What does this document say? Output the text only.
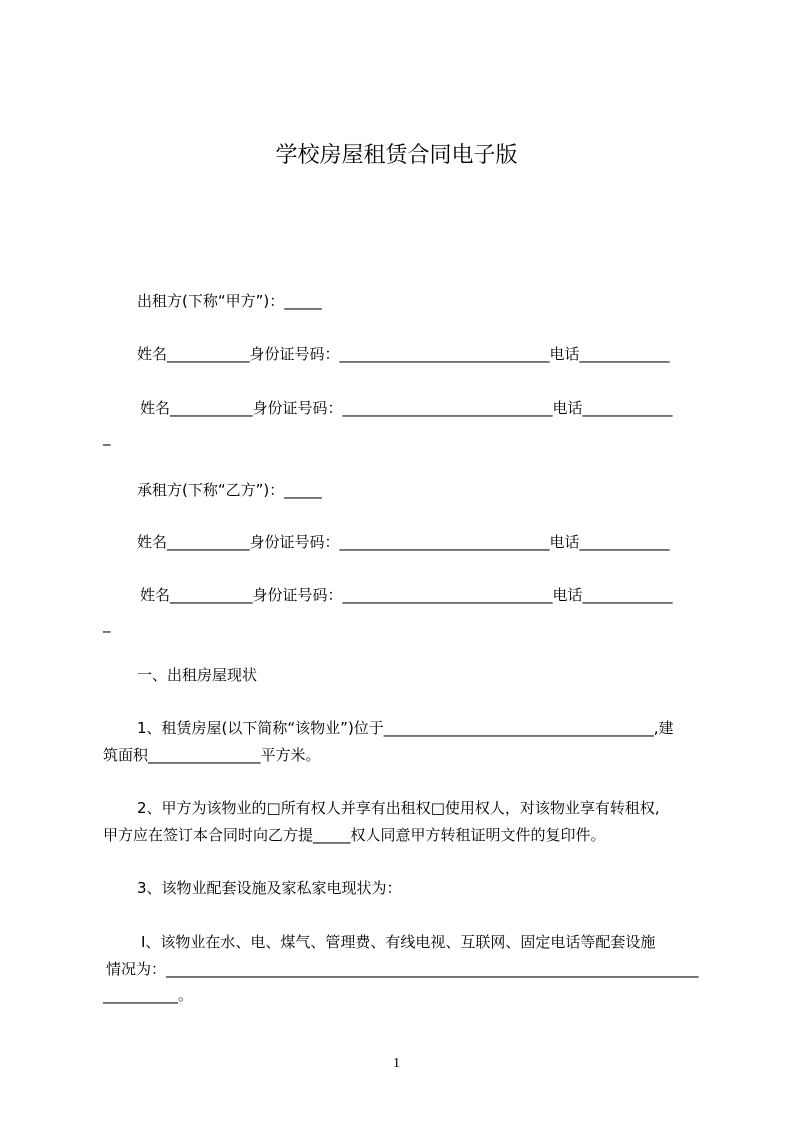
学校房屋租赁合同电子版
出租方(下称“甲方”)：_____
姓名___________身份证号码：____________________________电话____________
姓名___________身份证号码：____________________________电话____________
_
承租方(下称“乙方”)：_____
姓名___________身份证号码：____________________________电话____________
姓名___________身份证号码：____________________________电话____________
_
一、出租房屋现状
1、租赁房屋(以下简称“该物业”)位于____________________________________,建
筑面积_______________平方米。
2、甲方为该物业的□所有权人并享有出租权□使用权人，对该物业享有转租权,
甲方应在签订本合同时向乙方提_____权人同意甲方转租证明文件的复印件。
3、该物业配套设施及家私家电现状为：
Ⅰ、该物业在水、电、煤气、管理费、有线电视、互联网、固定电话等配套设施
情况为：_______________________________________________________________________
__________。
1
